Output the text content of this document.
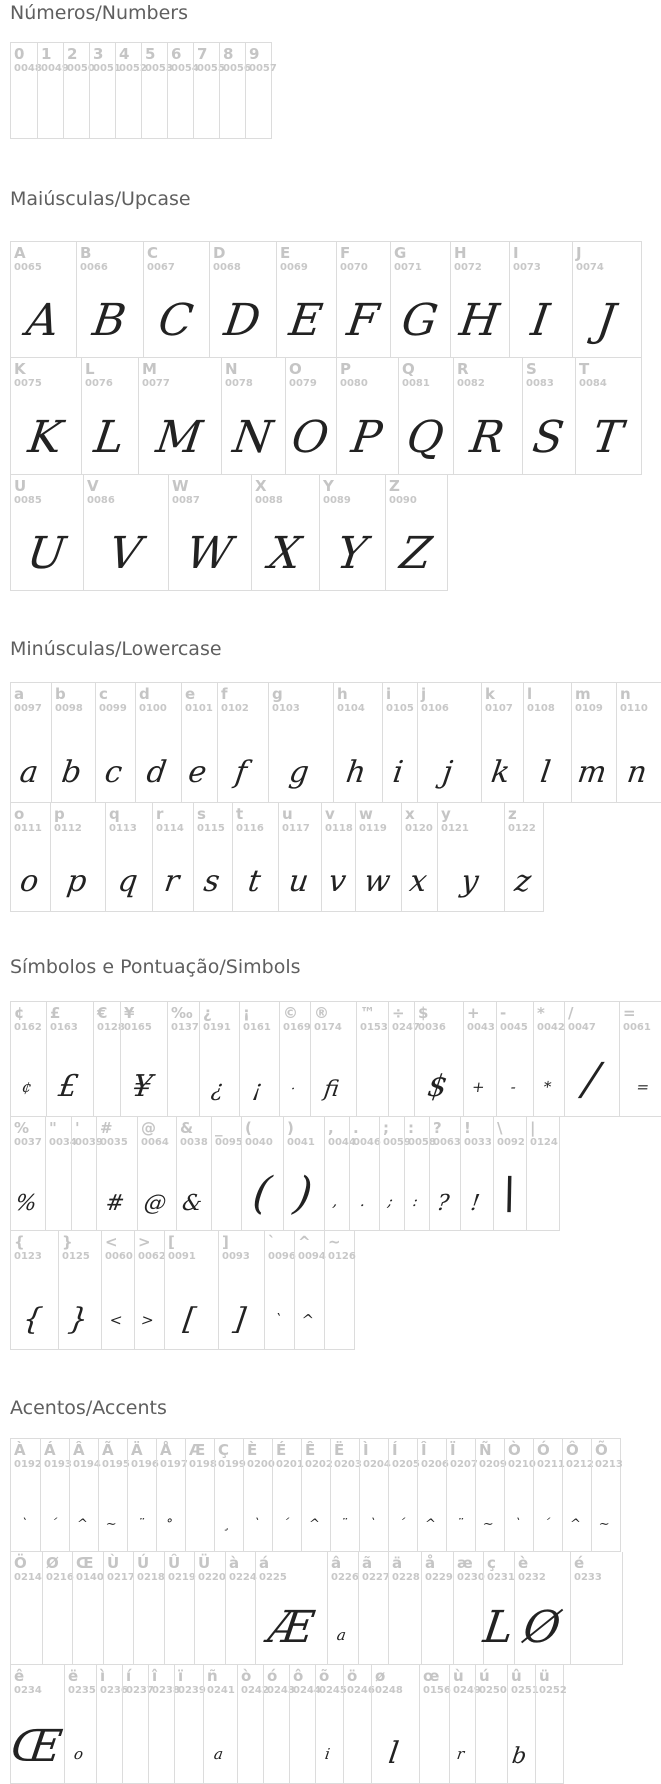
Números/Numbers
0
0048
1
0049
2
0050
3
0051
4
0052
5
0053
6
0054
7
0055
8
0056
9
0057
Maiúsculas/Upcase
A
0065
A
B
0066
B
C
0067
C
D
0068
D
E
0069
E
F
0070
F
G
0071
G
H
0072
H
I
0073
I
J
0074
J
K
0075
K
L
0076
L
M
0077
M
N
0078
N
O
0079
O
P
0080
P
Q
0081
Q
R
0082
R
S
0083
S
T
0084
T
U
0085
U
V
0086
V
W
0087
W
X
0088
X
Y
0089
Y
Z
0090
Z
Minúsculas/Lowercase
a
0097
a
b
0098
b
c
0099
c
d
0100
d
e
0101
e
f
0102
f
g
0103
g
h
0104
h
i
0105
i
j
0106
j
k
0107
k
l
0108
l
m
0109
m
n
0110
n
o
0111
o
p
0112
p
q
0113
q
r
0114
r
s
0115
s
t
0116
t
u
0117
u
v
0118
v
w
0119
w
x
0120
x
y
0121
y
z
0122
z
Símbolos e Pontuação/Simbols
¢
0162
¢
£
0163
£
€
0128
¥
0165
¥
‰
0137
¿
0191
¿
¡
0161
¡
©
0169
·
®
0174
fi
™
0153
÷
0247
$
0036
$
+
0043
+
-
0045
-
*
0042
*
/
0047
/
=
0061
=
%
0037
%
"
0034
'
0039
#
0035
#
@
0064
@
&
0038
&
_
0095
(
0040
(
)
0041
)
,
0044
,
.
0046
.
;
0059
;
:
0058
:
?
0063
?
!
0033
!
\
0092
\
|
0124
{
0123
{
}
0125
}
<
0060
<
>
0062
>
[
0091
[
]
0093
]
`
0096
`
^
0094
^
~
0126
Acentos/Accents
À
0192
`
Á
0193
´
Â
0194
^
Ã
0195
~
Ä
0196
¨
Å
0197
°
Æ
0198
Ç
0199
¸
È
0200
`
É
0201
´
Ê
0202
^
Ë
0203
¨
Ì
0204
`
Í
0205
´
Î
0206
^
Ï
0207
¨
Ñ
0209
~
Ò
0210
`
Ó
0211
´
Ô
0212
^
Õ
0213
~
Ö
0214
Ø
0216
Œ
0140
Ù
0217
Ú
0218
Û
0219
Ü
0220
à
0224
á
0225
Æ
â
0226
a
ã
0227
ä
0228
å
0229
æ
0230
ç
0231
L
è
0232
Ø
é
0233
ê
0234
Œ
ë
0235
o
ì
0236
í
0237
î
0238
ï
0239
ñ
0241
a
ò
0242
ó
0243
ô
0244
õ
0245
i
ö
0246
ø
0248
l
œ
0156
ù
0249
r
ú
0250
û
0251
b
ü
0252
